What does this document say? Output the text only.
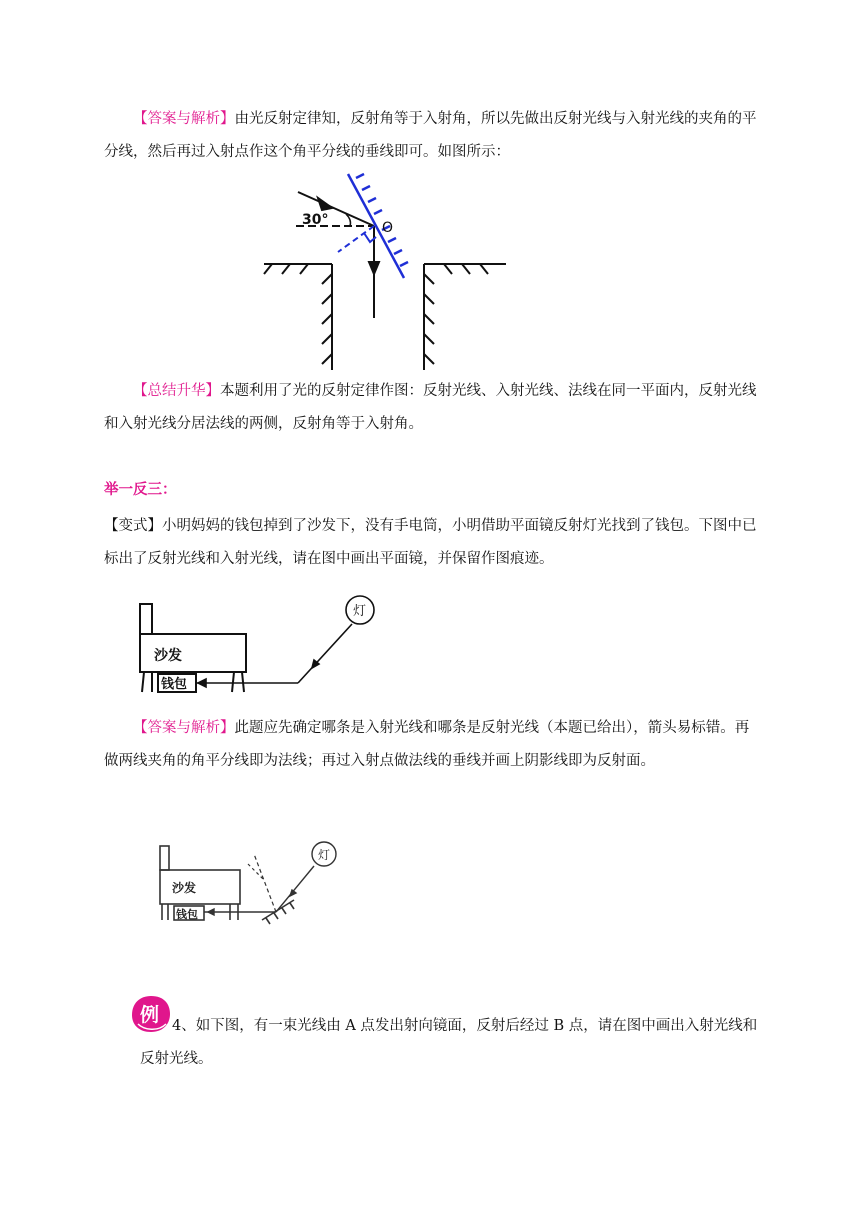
【答案与解析】由光反射定律知，反射角等于入射角，所以先做出反射光线与入射光线的夹角的平分线，然后再过入射点作这个角平分线的垂线即可。如图所示：

30°	O

【总结升华】本题利用了光的反射定律作图：反射光线、入射光线、法线在同一平面内，反射光线和入射光线分居法线的两侧，反射角等于入射角。

举一反三：

【变式】小明妈妈的钱包掉到了沙发下，没有手电筒，小明借助平面镜反射灯光找到了钱包。下图中已标出了反射光线和入射光线，请在图中画出平面镜，并保留作图痕迹。

沙发
钱包
灯

【答案与解析】此题应先确定哪条是入射光线和哪条是反射光线（本题已给出），箭头易标错。再做两线夹角的角平分线即为法线；再过入射点做法线的垂线并画上阴影线即为反射面。

沙发
钱包
灯
例 4、如下图，有一束光线由 A 点发出射向镜面，反射后经过 B 点，请在图中画出入射光线和反射光线。
